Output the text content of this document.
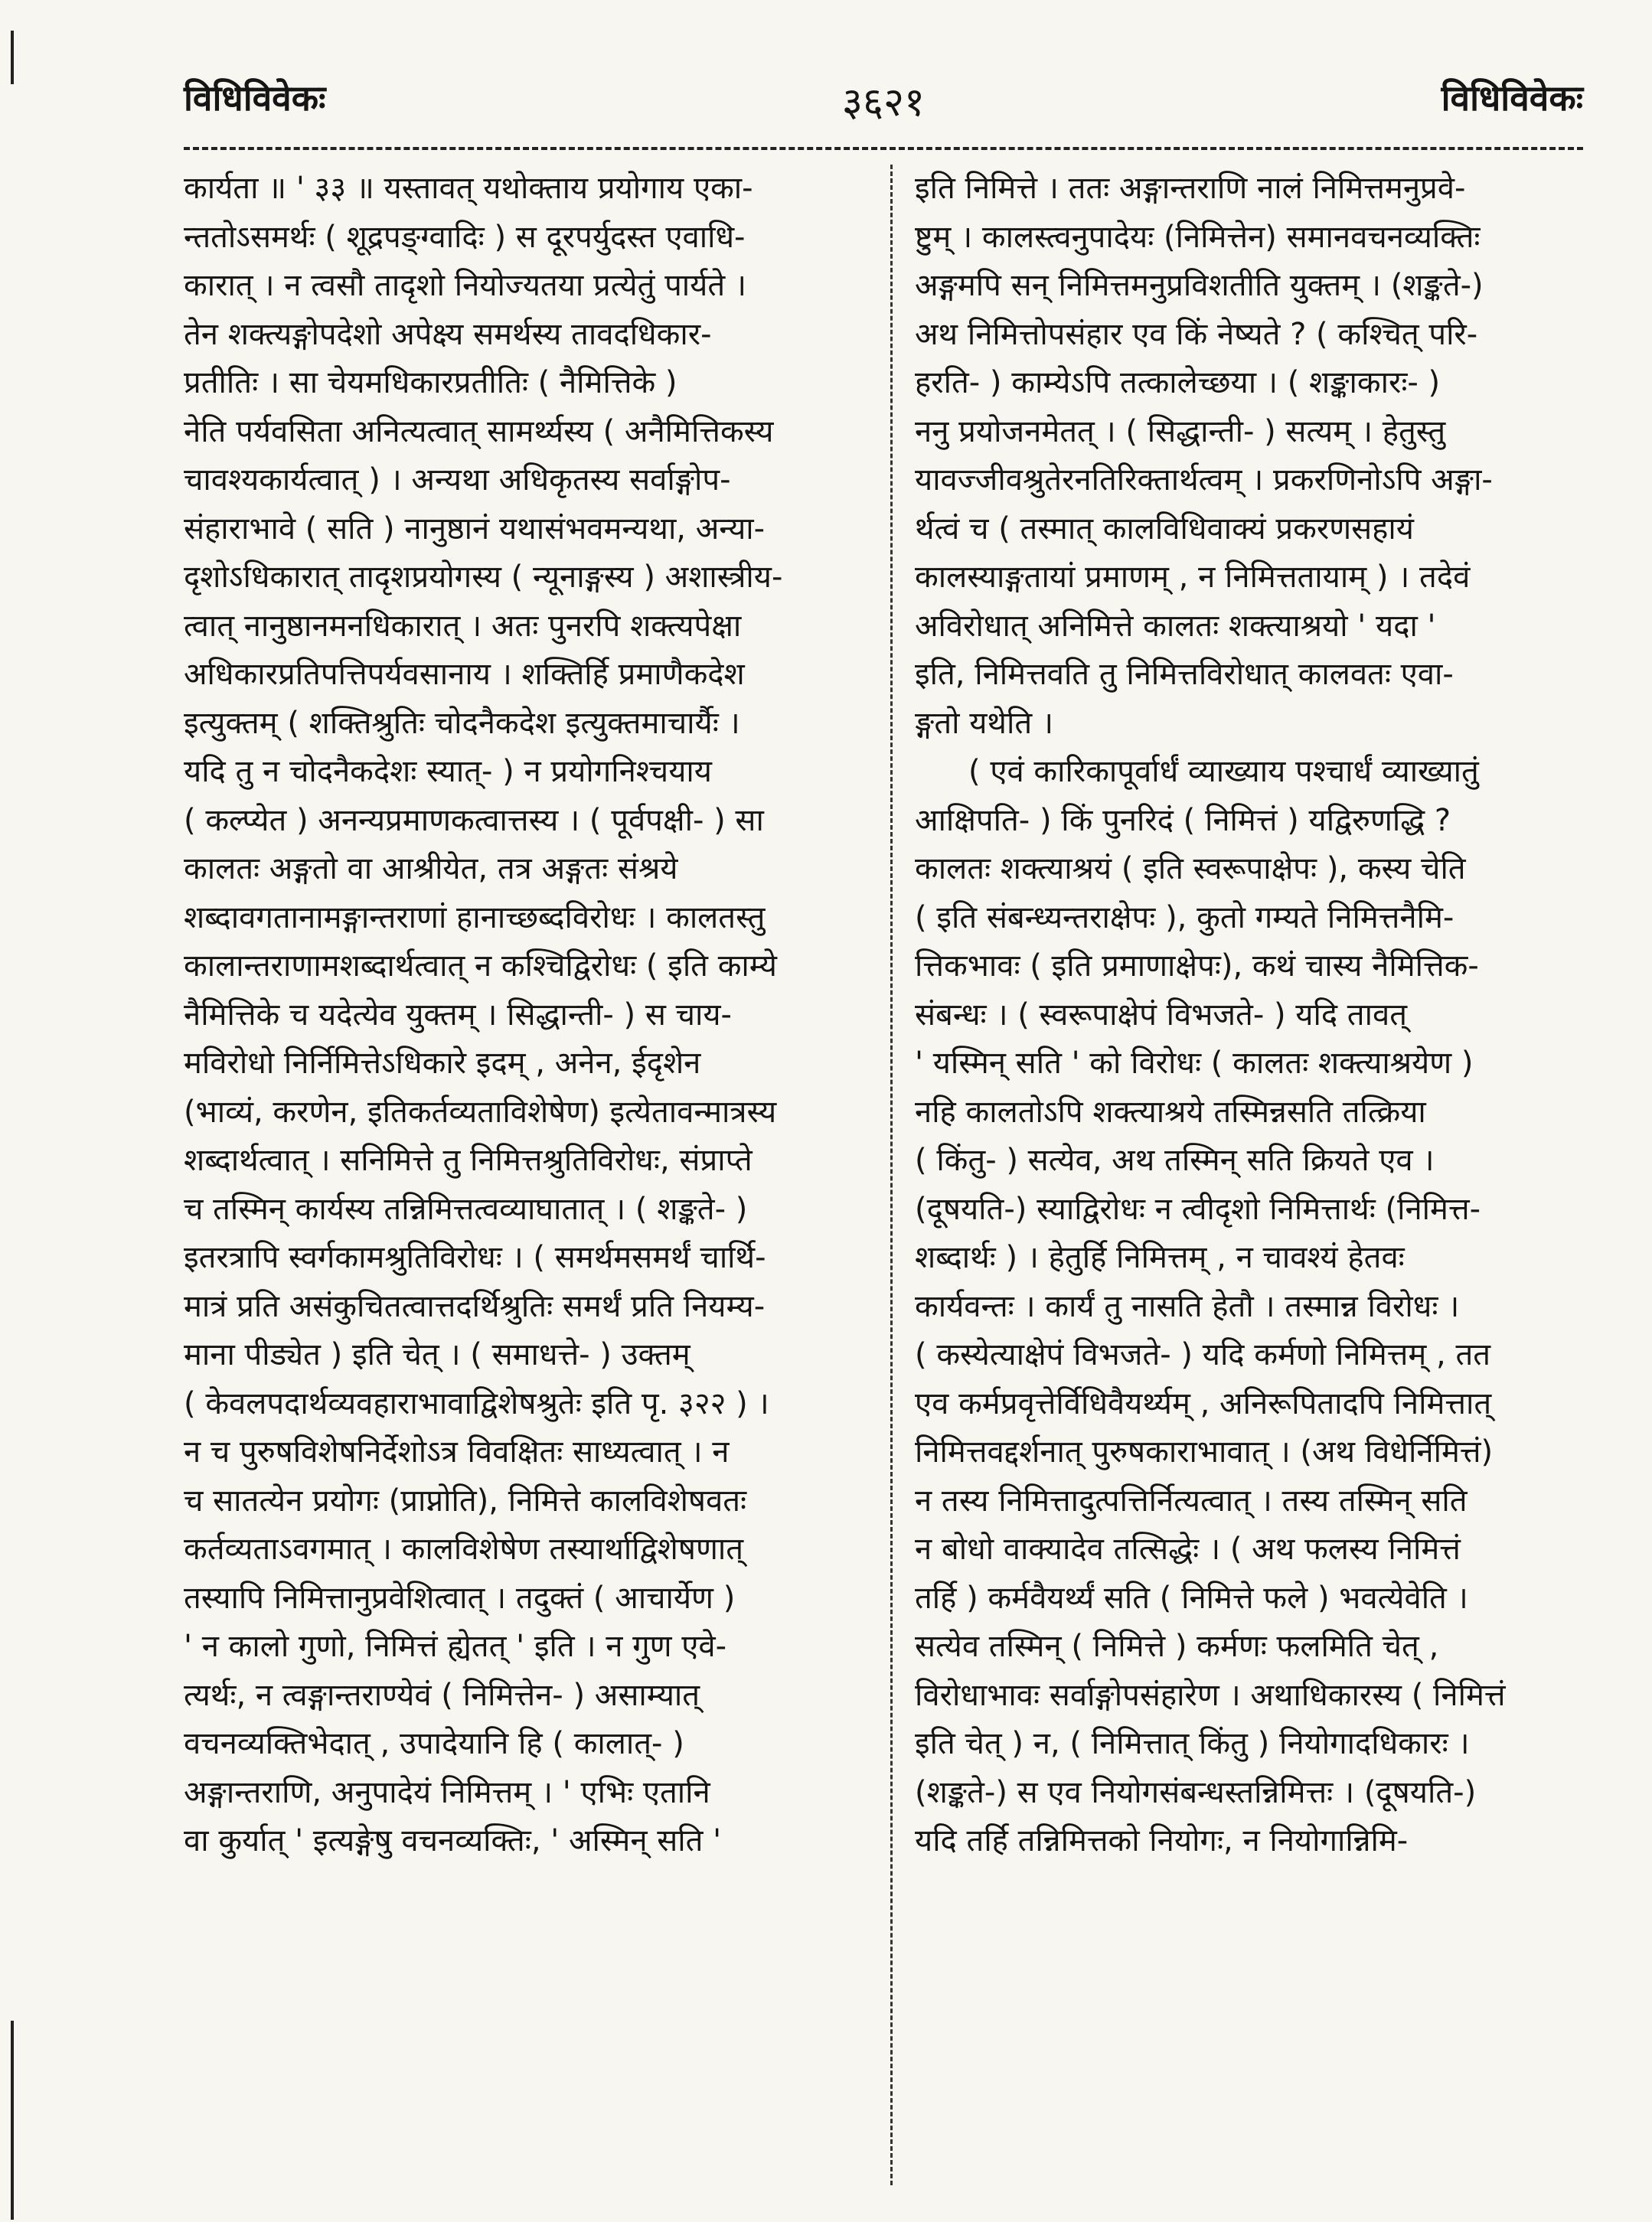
विधिविवेकः	३६२१	विधिविवेकः
कार्यता ॥ ' ३३ ॥ यस्तावत् यथोक्ताय प्रयोगाय एका-
न्ततोऽसमर्थः ( शूद्रपङ्ग्वादिः ) स दूरपर्युदस्त एवाधि-
कारात् । न त्वसौ तादृशो नियोज्यतया प्रत्येतुं पार्यते ।
तेन शक्त्यङ्गोपदेशो अपेक्ष्य समर्थस्य तावदधिकार-
प्रतीतिः । सा चेयमधिकारप्रतीतिः ( नैमित्तिके )
नेति पर्यवसिता अनित्यत्वात् सामर्थ्यस्य ( अनैमित्तिकस्य
चावश्यकार्यत्वात् ) । अन्यथा अधिकृतस्य सर्वाङ्गोप-
संहाराभावे ( सति ) नानुष्ठानं यथासंभवमन्यथा, अन्या-
दृशोऽधिकारात् तादृशप्रयोगस्य ( न्यूनाङ्गस्य ) अशास्त्रीय-
त्वात् नानुष्ठानमनधिकारात् । अतः पुनरपि शक्त्यपेक्षा
अधिकारप्रतिपत्तिपर्यवसानाय । शक्तिर्हि प्रमाणैकदेश
इत्युक्तम् ( शक्तिश्रुतिः चोदनैकदेश इत्युक्तमाचार्यैः ।
यदि तु न चोदनैकदेशः स्यात्- ) न प्रयोगनिश्चयाय
( कल्प्येत ) अनन्यप्रमाणकत्वात्तस्य । ( पूर्वपक्षी- ) सा
कालतः अङ्गतो वा आश्रीयेत, तत्र अङ्गतः संश्रये
शब्दावगतानामङ्गान्तराणां हानाच्छब्दविरोधः । कालतस्तु
कालान्तराणामशब्दार्थत्वात् न कश्चिद्विरोधः ( इति काम्ये
नैमित्तिके च यदेत्येव युक्तम् । सिद्धान्ती- ) स चाय-
मविरोधो निर्निमित्तेऽधिकारे इदम् , अनेन, ईदृशेन
(भाव्यं, करणेन, इतिकर्तव्यताविशेषेण) इत्येतावन्मात्रस्य
शब्दार्थत्वात् । सनिमित्ते तु निमित्तश्रुतिविरोधः, संप्राप्ते
च तस्मिन् कार्यस्य तन्निमित्तत्वव्याघातात् । ( शङ्कते- )
इतरत्रापि स्वर्गकामश्रुतिविरोधः । ( समर्थमसमर्थं चार्थि-
मात्रं प्रति असंकुचितत्वात्तदर्थिश्रुतिः समर्थं प्रति नियम्य-
माना पीड्येत ) इति चेत् । ( समाधत्ते- ) उक्तम्
( केवलपदार्थव्यवहाराभावाद्विशेषश्रुतेः इति पृ. ३२२ ) ।
न च पुरुषविशेषनिर्देशोऽत्र विवक्षितः साध्यत्वात् । न
च सातत्येन प्रयोगः (प्राप्नोति), निमित्ते कालविशेषवतः
कर्तव्यताऽवगमात् । कालविशेषेण तस्यार्थाद्विशेषणात्
तस्यापि निमित्तानुप्रवेशित्वात् । तदुक्तं ( आचार्येण )
' न कालो गुणो, निमित्तं ह्येतत् ' इति । न गुण एवे-
त्यर्थः, न त्वङ्गान्तराण्येवं ( निमित्तेन- ) असाम्यात्
वचनव्यक्तिभेदात् , उपादेयानि हि ( कालात्- )
अङ्गान्तराणि, अनुपादेयं निमित्तम् । ' एभिः एतानि
वा कुर्यात् ' इत्यङ्गेषु वचनव्यक्तिः, ' अस्मिन् सति '
इति निमित्ते । ततः अङ्गान्तराणि नालं निमित्तमनुप्रवे-
ष्टुम् । कालस्त्वनुपादेयः (निमित्तेन) समानवचनव्यक्तिः
अङ्गमपि सन् निमित्तमनुप्रविशतीति युक्तम् । (शङ्कते-)
अथ निमित्तोपसंहार एव किं नेष्यते ? ( कश्चित् परि-
हरति- ) काम्येऽपि तत्कालेच्छया । ( शङ्काकारः- )
ननु प्रयोजनमेतत् । ( सिद्धान्ती- ) सत्यम् । हेतुस्तु
यावज्जीवश्रुतेरनतिरिक्तार्थत्वम् । प्रकरणिनोऽपि अङ्गा-
र्थत्वं च ( तस्मात् कालविधिवाक्यं प्रकरणसहायं
कालस्याङ्गतायां प्रमाणम् , न निमित्ततायाम् ) । तदेवं
अविरोधात् अनिमित्ते कालतः शक्त्याश्रयो ' यदा '
इति, निमित्तवति तु निमित्तविरोधात् कालवतः एवा-
ङ्गतो यथेति ।
( एवं कारिकापूर्वार्धं व्याख्याय पश्चार्धं व्याख्यातुं
आक्षिपति- ) किं पुनरिदं ( निमित्तं ) यद्विरुणद्धि ?
कालतः शक्त्याश्रयं ( इति स्वरूपाक्षेपः ), कस्य चेति
( इति संबन्ध्यन्तराक्षेपः ), कुतो गम्यते निमित्तनैमि-
त्तिकभावः ( इति प्रमाणाक्षेपः), कथं चास्य नैमित्तिक-
संबन्धः । ( स्वरूपाक्षेपं विभजते- ) यदि तावत्
' यस्मिन् सति ' को विरोधः ( कालतः शक्त्याश्रयेण )
नहि कालतोऽपि शक्त्याश्रये तस्मिन्नसति तत्क्रिया
( किंतु- ) सत्येव, अथ तस्मिन् सति क्रियते एव ।
(दूषयति-) स्याद्विरोधः न त्वीदृशो निमित्तार्थः (निमित्त-
शब्दार्थः ) । हेतुर्हि निमित्तम् , न चावश्यं हेतवः
कार्यवन्तः । कार्यं तु नासति हेतौ । तस्मान्न विरोधः ।
( कस्येत्याक्षेपं विभजते- ) यदि कर्मणो निमित्तम् , तत
एव कर्मप्रवृत्तेर्विधिवैयर्थ्यम् , अनिरूपितादपि निमित्तात्
निमित्तवद्दर्शनात् पुरुषकाराभावात् । (अथ विधेर्निमित्तं)
न तस्य निमित्तादुत्पत्तिर्नित्यत्वात् । तस्य तस्मिन् सति
न बोधो वाक्यादेव तत्सिद्धेः । ( अथ फलस्य निमित्तं
तर्हि ) कर्मवैयर्थ्यं सति ( निमित्ते फले ) भवत्येवेति ।
सत्येव तस्मिन् ( निमित्ते ) कर्मणः फलमिति चेत् ,
विरोधाभावः सर्वाङ्गोपसंहारेण । अथाधिकारस्य ( निमित्तं
इति चेत् ) न, ( निमित्तात् किंतु ) नियोगादधिकारः ।
(शङ्कते-) स एव नियोगसंबन्धस्तन्निमित्तः । (दूषयति-)
यदि तर्हि तन्निमित्तको नियोगः, न नियोगान्निमि-
